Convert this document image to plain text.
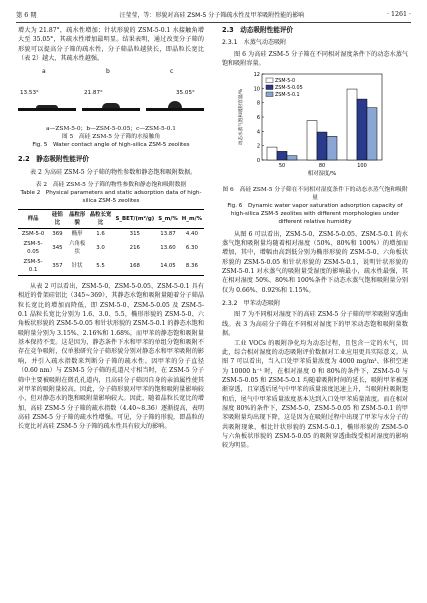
第 6 期	汪莹莹，等：形貌对高硅 ZSM-5 分子筛疏水性及甲苯吸附性能的影响	· 1261 ·

增大为 21.87°，疏水性增加；针状形貌的 ZSM-5-0.1 水接触角增大至 35.05°，其疏水性增加最明显。结果表明，通过改变分子筛的形貌可以提高分子筛的疏水性，分子筛晶粒越狭长，即晶粒长宽比（表 2）越大，其疏水性越强。

a
13.53°
b
21.87°
c
35.05°
a—ZSM-5-0；b—ZSM-5-0.05；c—ZSM-5-0.1
图 5　高硅 ZSM-5 分子筛的水接触角
Fig. 5　Water contact angle of high-silica ZSM-5 zeolites
2.2　静态吸附性能评价

表 2 为高硅 ZSM-5 分子筛的物性参数和静态饱和吸附数据。

表 2　高硅 ZSM-5 分子筛的物性参数和静态饱和吸附数据
Table 2　Physical parameters and static adsorption data of high-silica ZSM-5 zeolites
样品	硅铝比	晶粒形貌	晶粒长宽比	S_BET/(m²/g)	S_m/%	H_m/%
ZSM-5-0	369	椭形	1.6	315	13.87	4.40
ZSM-5-0.05	345	六角板状	3.0	216	13.60	6.30
ZSM-5-0.1	357	针状	5.5	168	14.05	8.36

从表 2 可以看出，ZSM-5-0、ZSM-5-0.05、ZSM-5-0.1 具有相近的骨架硅铝比（345~369），其静态水饱和吸附量随着分子筛晶粒长宽比的增加而降低，即 ZSM-5-0、ZSM-5-0.05 及 ZSM-5-0.1 晶粒长宽比分别为 1.6、3.0、5.5，椭形形貌的 ZSM-5-0、六角板状形貌的 ZSM-5-0.05 和针状形貌的 ZSM-5-0.1 的静态水饱和吸附量分别为 3.15%、2.16%和 1.68%，而甲苯的静态饱和吸附量基本保持不变。这是因为，静态条件下水和甲苯的单组分饱和吸附不存在竞争吸附，仅单独研究分子筛形貌分别对静态水和甲苯吸附的影响，并引入疏水指数来判断分子筛的疏水性。因甲苯的分子直径（0.60 nm）与 ZSM-5 分子筛的孔道尺寸相当时，在 ZSM-5 分子筛中主要被吸附在微孔孔道内，且高硅分子筛因自身的亲油属性使其对甲苯的吸附量较高，因此，分子筛形貌对甲苯的饱和吸附量影响较小，但对静态水的饱和吸附量影响较大。因此，随着晶粒长宽比的增加，高硅 ZSM-5 分子筛的疏水指数（4.40~8.36）逐渐提高，表明高硅 ZSM-5 分子筛的疏水性增强。可见，分子筛的形貌，即晶粒的长宽比对高硅 ZSM-5 分子筛的疏水性具有较大的影响。

2.3　动态吸附性能评价
2.3.1　水蒸气动态吸附

图 6 为高硅 ZSM-5 分子筛在不同相对湿度条件下的动态水蒸气饱和吸附容量。

0
2
4
6
8
10
12
50	80	100
相对湿度/%
动态水蒸气饱和吸附容量/%
ZSM-5-0
ZSM-5-0.05
ZSM-5-0.1
图 6　高硅 ZSM-5 分子筛在不同相对湿度条件下的动态水蒸气饱和吸附量
Fig. 6　Dynamic water vapor saturation adsorption capacity of high-silica ZSM-5 zeolites with different morphologies under different relative humidity

从图 6 可以看出，ZSM-5-0、ZSM-5-0.05、ZSM-5-0.1 的水蒸气饱和吸附量均随着相对湿度（50%、80%和 100%）的增加而增加，其中，增幅由高到低分别为椭形形貌的 ZSM-5-0、六角板状形貌的 ZSM-5-0.05 和针状形貌的 ZSM-5-0.1，说明针状形貌的 ZSM-5-0.1 对水蒸气的吸附量受湿度的影响最小，疏水性最强，其在相对湿度 50%、80%和 100%条件下动态水蒸气饱和吸附量分别仅为 0.66%、0.92%和 1.15%。

2.3.2　甲苯动态吸附

图 7 为不同相对湿度下的高硅 ZSM-5 分子筛的甲苯吸附穿透曲线。表 3 为高硅分子筛在不同相对湿度下的甲苯动态饱和吸附量数据。

工业 VOCs 的吸附净化均为动态过程，且包含一定的水气，因此，综合相对湿度的动态吸附评价数据对工业应用更具实际意义。从图 7 可以看出，当入口处甲苯质量浓度为 4000 mg/m³、体积空速为 10000 h⁻¹ 时，在相对湿度 0 和 80%的条件下，ZSM-5-0 与 ZSM-5-0.05 和 ZSM-5-0.1 均随着吸附时间的延长，吸附甲苯被逐渐穿透，且穿透后尾气中甲苯的质量浓度迅速上升，当吸附柱吸附饱和后，尾气中甲苯质量浓度基本达到入口处甲苯质量浓度。而在相对湿度 80%的条件下，ZSM-5-0、ZSM-5-0.05 和 ZSM-5-0.1 的甲苯吸附量均出现下降，这是因为在吸附过程中出现了甲苯与水分子的共吸附现象，相比针状形貌的 ZSM-5-0.1，椭形形貌的 ZSM-5-0 与六角板状形貌的 ZSM-5-0.05 的吸附穿透曲线受相对湿度的影响较为明显。
